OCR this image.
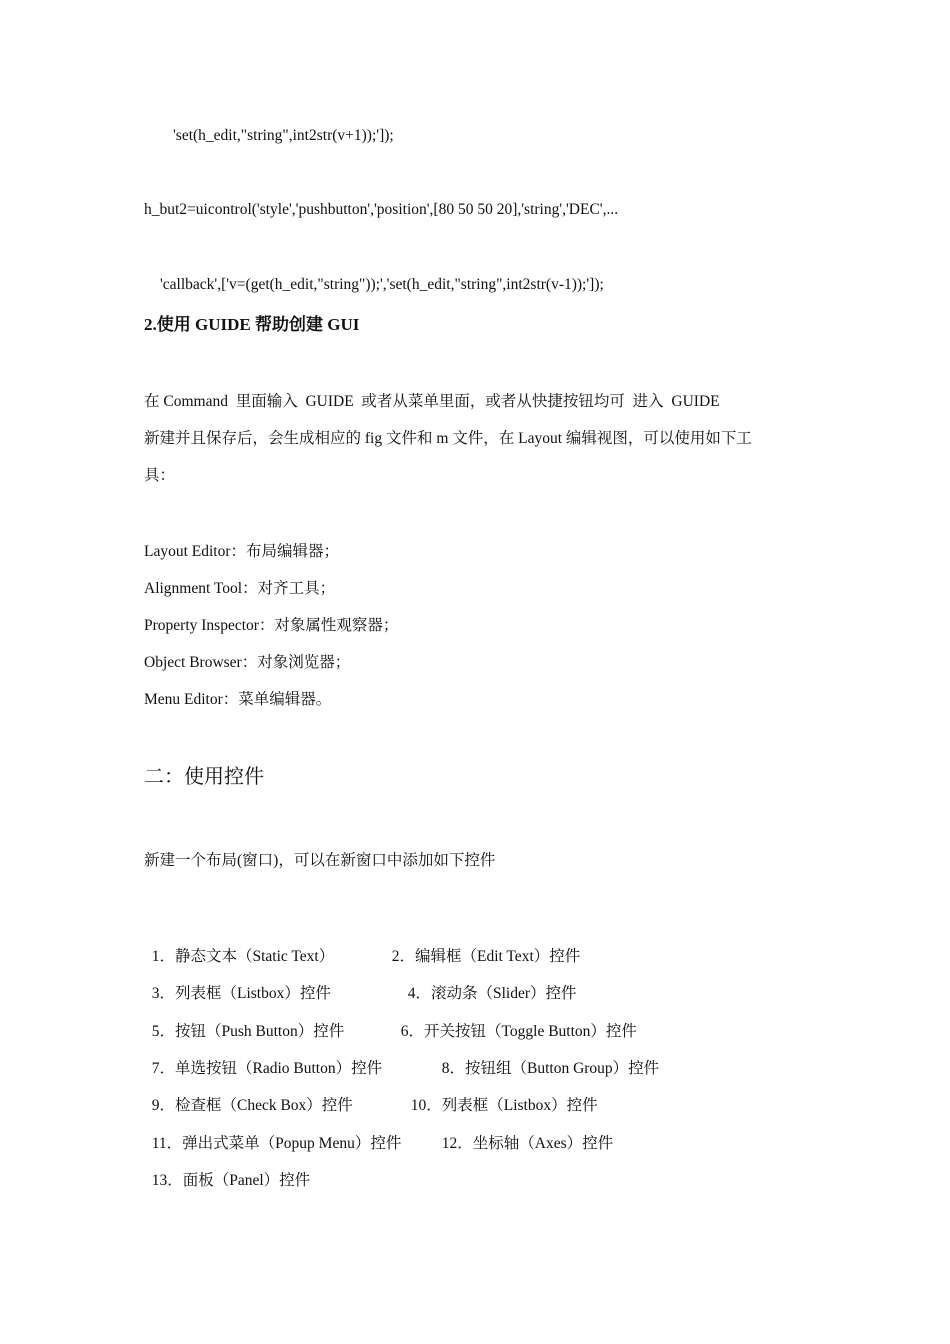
'set(h_edit,"string",int2str(v+1));']);
h_but2=uicontrol('style','pushbutton','position',[80 50 50 20],'string','DEC',...
'callback',['v=(get(h_edit,"string"));','set(h_edit,"string",int2str(v-1));']);
2.使用 GUIDE 帮助创建 GUI
在 Command  里面输入  GUIDE  或者从菜单里面，或者从快捷按钮均可  进入  GUIDE
新建并且保存后，会生成相应的 fig 文件和 m 文件，在 Layout 编辑视图，可以使用如下工
具：
Layout Editor：布局编辑器；
Alignment Tool：对齐工具；
Property Inspector：对象属性观察器；
Object Browser：对象浏览器；
Menu Editor：菜单编辑器。
二：使用控件
新建一个布局(窗口)，可以在新窗口中添加如下控件

1．静态文本（Static Text）	2．编辑框（Edit Text）控件

3．列表框（Listbox）控件	4．滚动条（Slider）控件

5．按钮（Push Button）控件	6．开关按钮（Toggle Button）控件

7．单选按钮（Radio Button）控件	8．按钮组（Button Group）控件

9．检查框（Check Box）控件	10．列表框（Listbox）控件

11．弹出式菜单（Popup Menu）控件	12．坐标轴（Axes）控件

13．面板（Panel）控件
